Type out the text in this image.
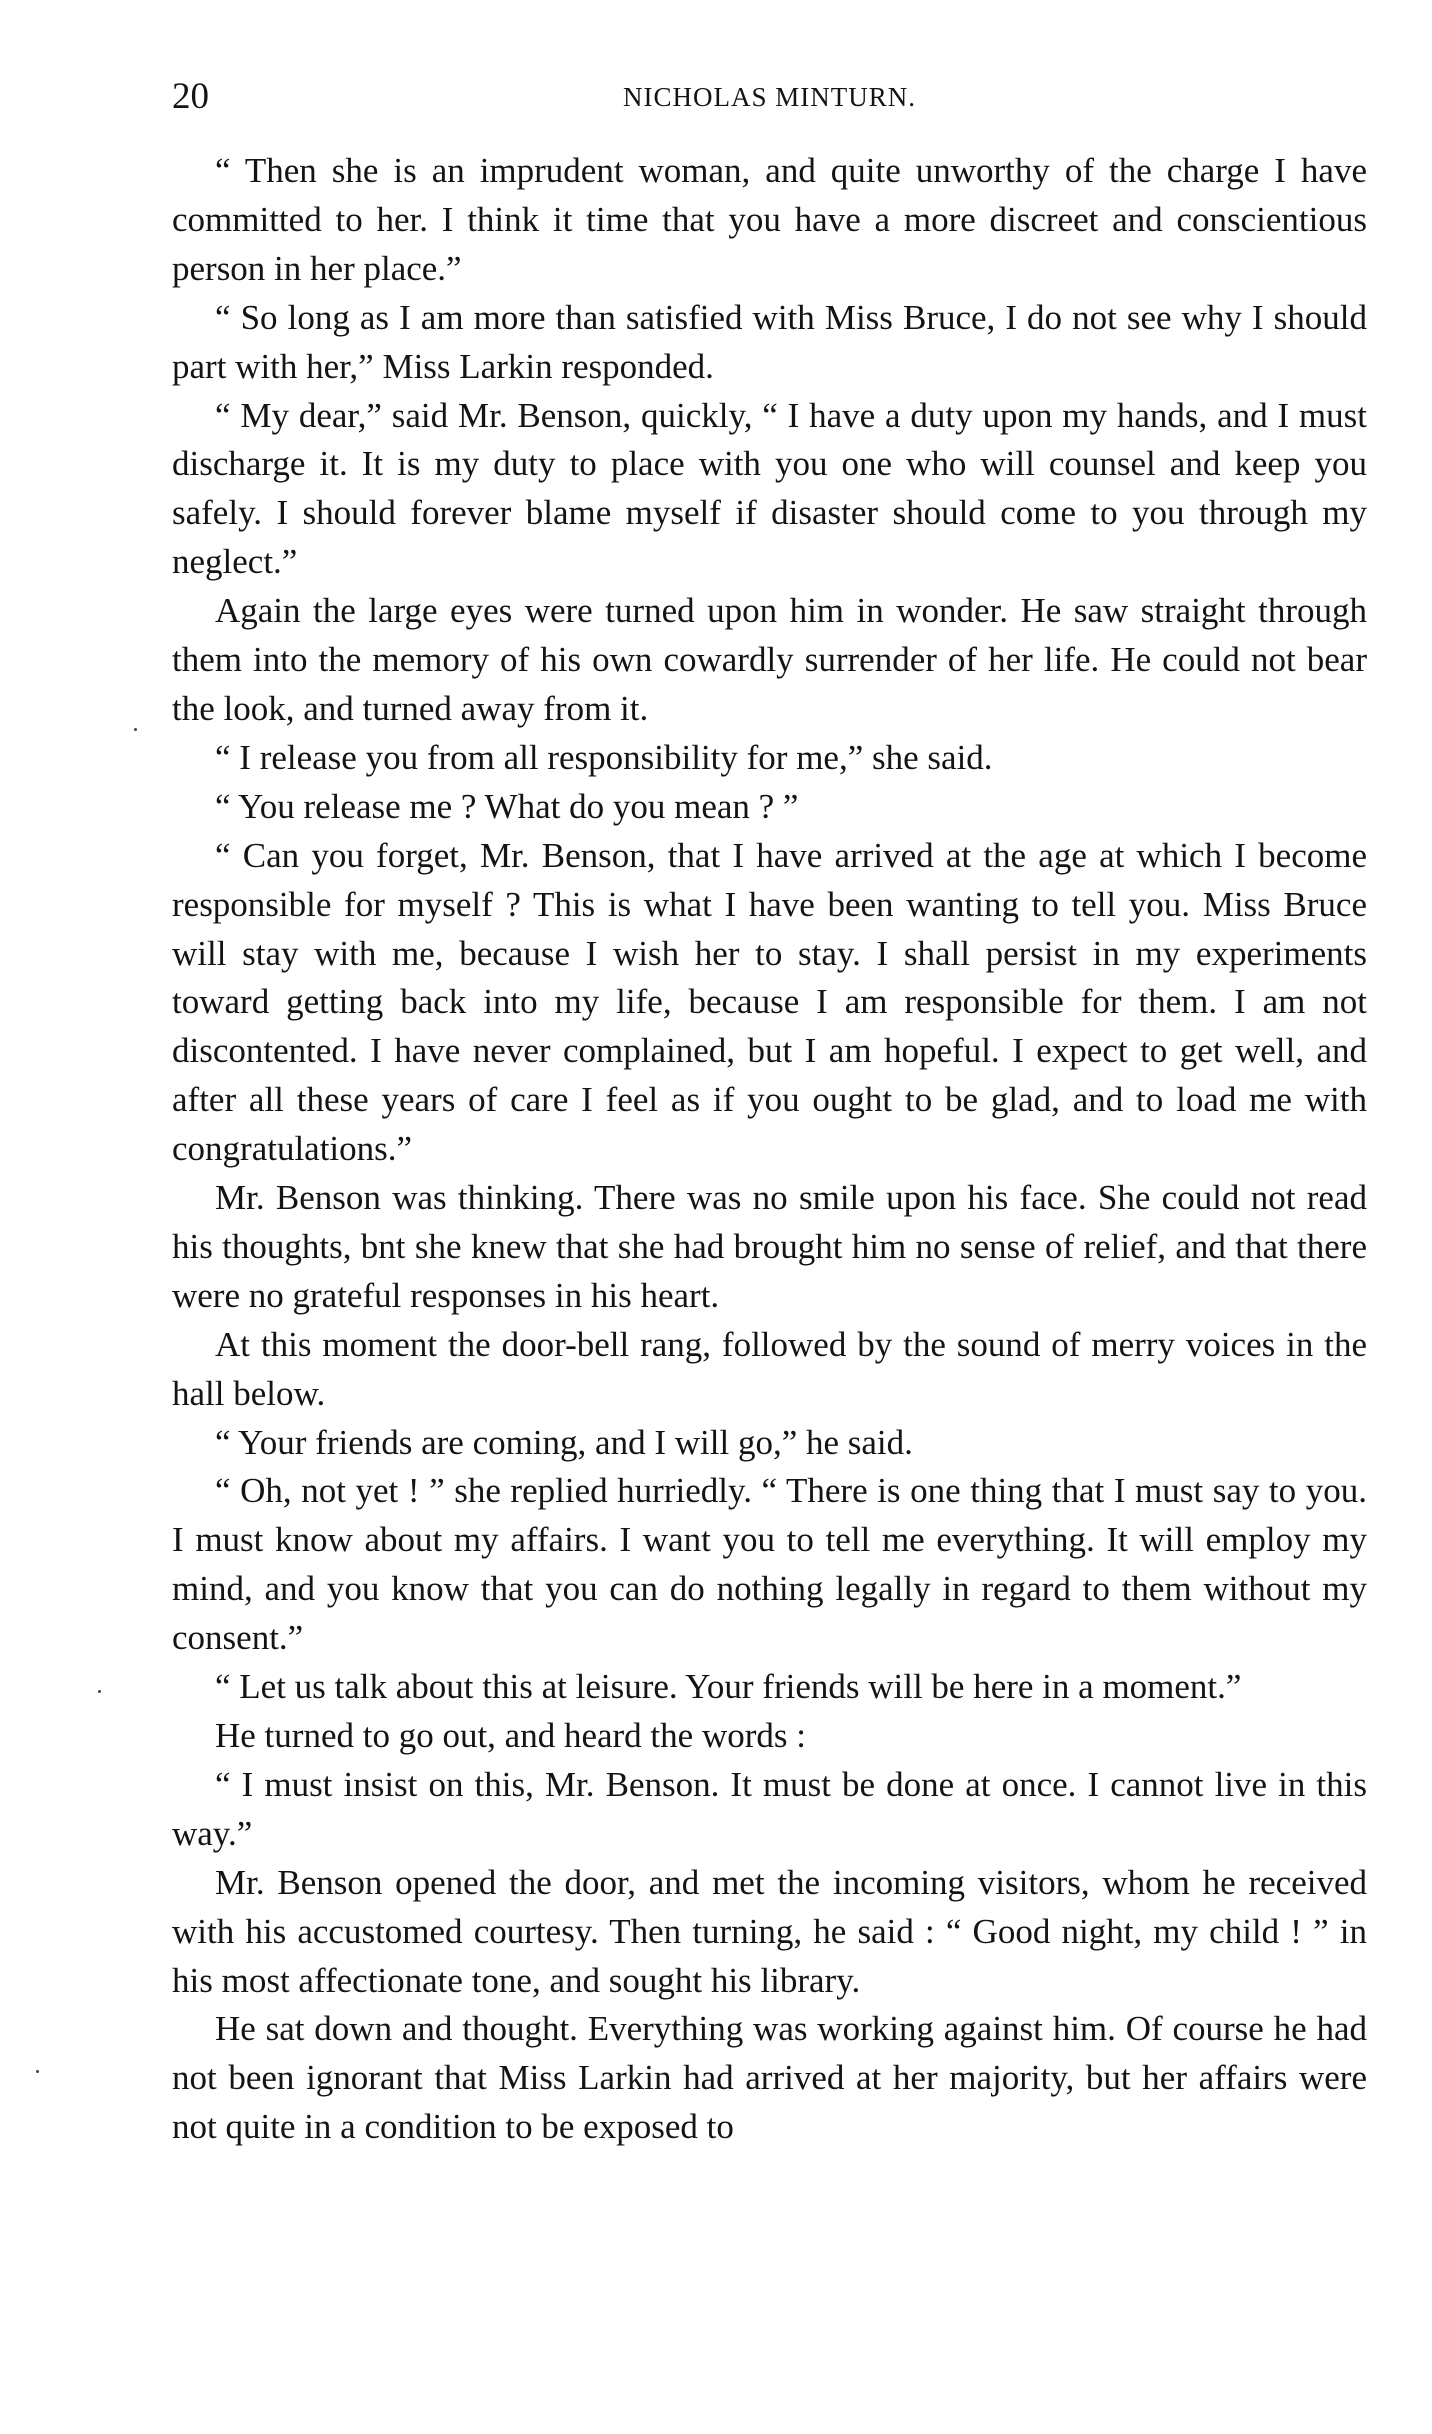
20	NICHOLAS MINTURN.

“ Then she is an imprudent woman, and quite unworthy of the charge I have committed to her. I think it time that you have a more discreet and conscientious person in her place.”

“ So long as I am more than satisfied with Miss Bruce, I do not see why I should part with her,” Miss Larkin responded.

“ My dear,” said Mr. Benson, quickly, “ I have a duty upon my hands, and I must discharge it. It is my duty to place with you one who will counsel and keep you safely. I should forever blame myself if disaster should come to you through my neglect.”

Again the large eyes were turned upon him in wonder. He saw straight through them into the memory of his own cowardly surrender of her life. He could not bear the look, and turned away from it.

“ I release you from all responsibility for me,” she said.

“ You release me ? What do you mean ? ”

“ Can you forget, Mr. Benson, that I have arrived at the age at which I become responsible for myself ? This is what I have been wanting to tell you. Miss Bruce will stay with me, because I wish her to stay. I shall persist in my experiments toward getting back into my life, because I am responsible for them. I am not discontented. I have never complained, but I am hopeful. I expect to get well, and after all these years of care I feel as if you ought to be glad, and to load me with congratulations.”

Mr. Benson was thinking. There was no smile upon his face. She could not read his thoughts, bnt she knew that she had brought him no sense of relief, and that there were no grateful responses in his heart.

At this moment the door-bell rang, followed by the sound of merry voices in the hall below.

“ Your friends are coming, and I will go,” he said.

“ Oh, not yet ! ” she replied hurriedly. “ There is one thing that I must say to you. I must know about my affairs. I want you to tell me everything. It will employ my mind, and you know that you can do nothing legally in regard to them without my consent.”

“ Let us talk about this at leisure. Your friends will be here in a moment.”

He turned to go out, and heard the words :

“ I must insist on this, Mr. Benson. It must be done at once. I cannot live in this way.”

Mr. Benson opened the door, and met the incoming visitors, whom he received with his accustomed courtesy. Then turning, he said : “ Good night, my child ! ” in his most affectionate tone, and sought his library.

He sat down and thought. Everything was working against him. Of course he had not been ignorant that Miss Larkin had arrived at her majority, but her affairs were not quite in a condition to be exposed to
